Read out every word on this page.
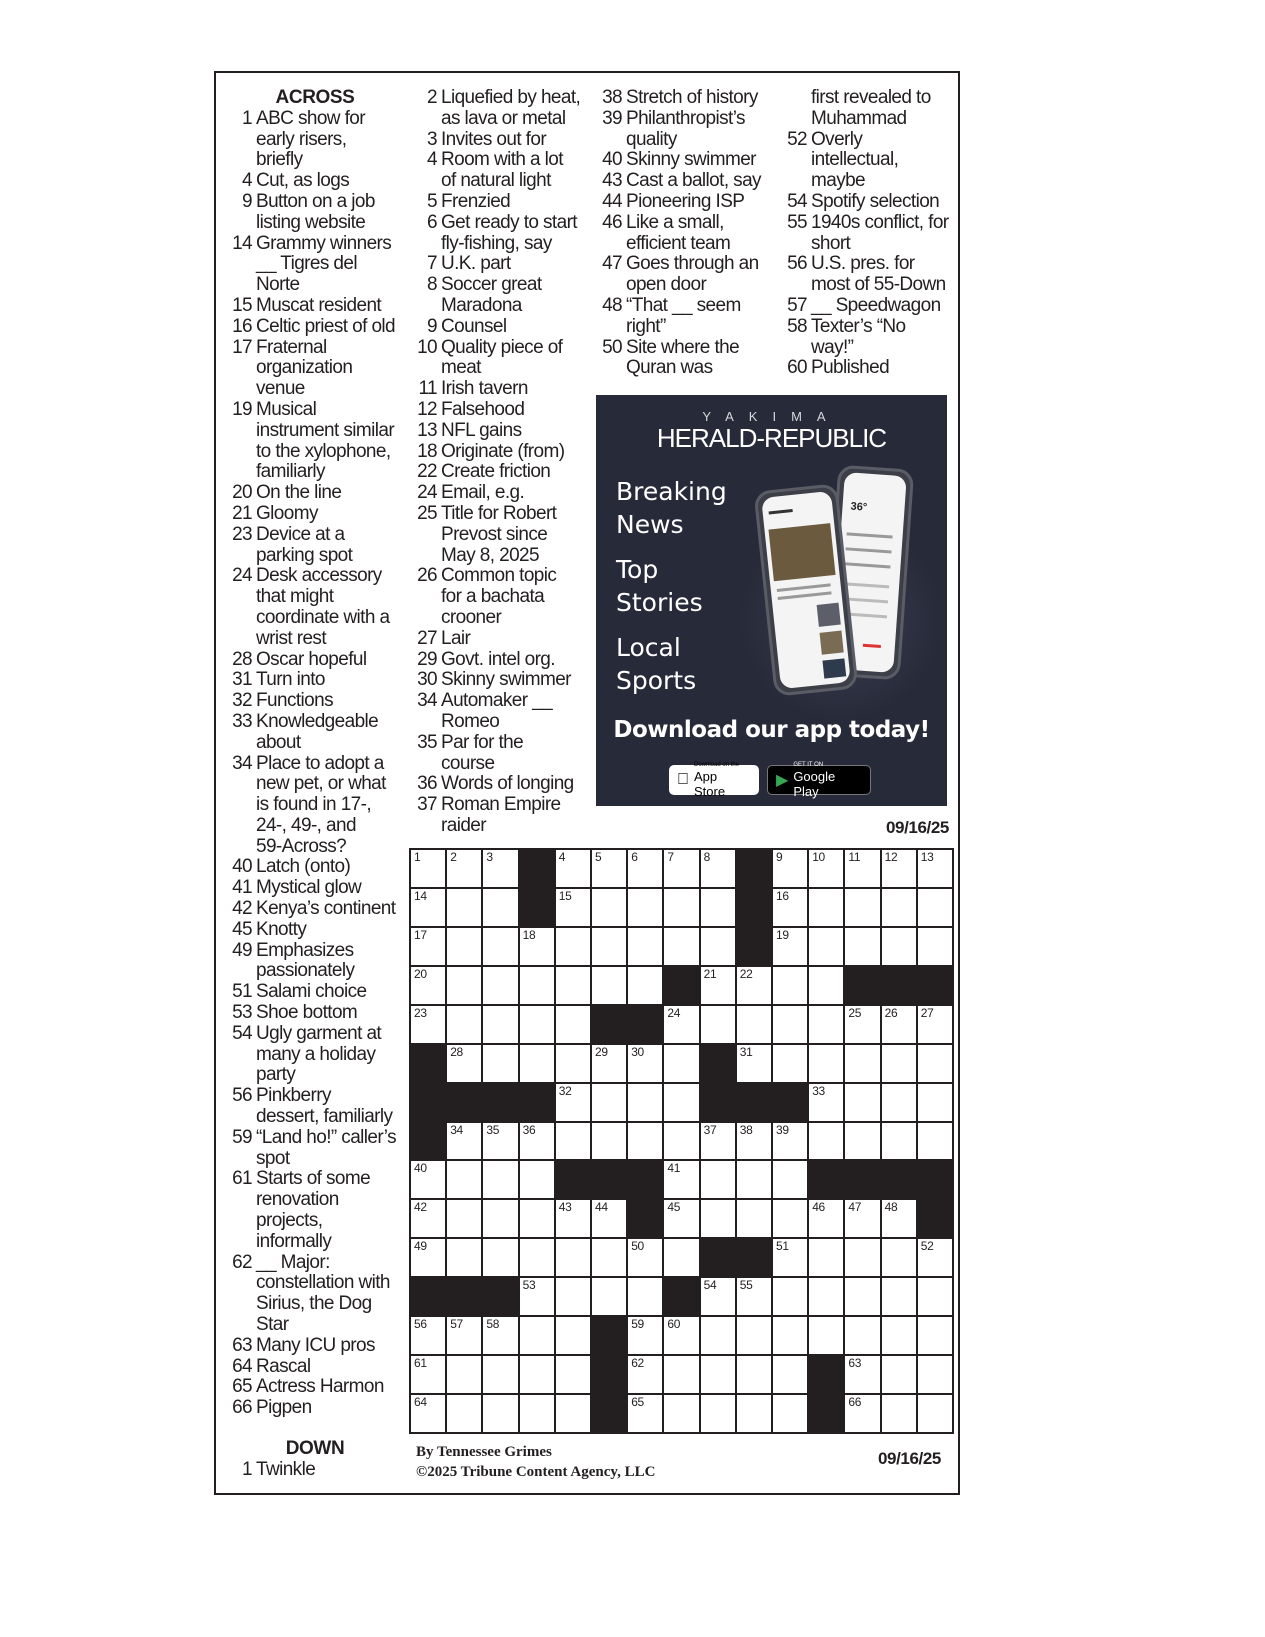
ACROSS
1 ABC show for
early risers,
briefly
4 Cut, as logs
9 Button on a job
listing website
14 Grammy winners
__ Tigres del
Norte
15 Muscat resident
16 Celtic priest of old
17 Fraternal
organization
venue
19 Musical
instrument similar
to the xylophone,
familiarly
20 On the line
21 Gloomy
23 Device at a
parking spot
24 Desk accessory
that might
coordinate with a
wrist rest
28 Oscar hopeful
31 Turn into
32 Functions
33 Knowledgeable
about
34 Place to adopt a
new pet, or what
is found in 17-,
24-, 49-, and
59-Across?
40 Latch (onto)
41 Mystical glow
42 Kenya’s continent
45 Knotty
49 Emphasizes
passionately
51 Salami choice
53 Shoe bottom
54 Ugly garment at
many a holiday
party
56 Pinkberry
dessert, familiarly
59 “Land ho!” caller’s
spot
61 Starts of some
renovation
projects,
informally
62 __ Major:
constellation with
Sirius, the Dog
Star
63 Many ICU pros
64 Rascal
65 Actress Harmon
66 Pigpen
DOWN
1 Twinkle
2 Liquefied by heat,
as lava or metal
3 Invites out for
4 Room with a lot
of natural light
5 Frenzied
6 Get ready to start
fly-fishing, say
7 U.K. part
8 Soccer great
Maradona
9 Counsel
10 Quality piece of
meat
11 Irish tavern
12 Falsehood
13 NFL gains
18 Originate (from)
22 Create friction
24 Email, e.g.
25 Title for Robert
Prevost since
May 8, 2025
26 Common topic
for a bachata
crooner
27 Lair
29 Govt. intel org.
30 Skinny swimmer
34 Automaker __
Romeo
35 Par for the
course
36 Words of longing
37 Roman Empire
raider
38 Stretch of history
39 Philanthropist’s
quality
40 Skinny swimmer
43 Cast a ballot, say
44 Pioneering ISP
46 Like a small,
efficient team
47 Goes through an
open door
48 “That __ seem
right”
50 Site where the
Quran was
first revealed to
Muhammad
52 Overly
intellectual,
maybe
54 Spotify selection
55 1940s conflict, for
short
56 U.S. pres. for
most of 55-Down
57 __ Speedwagon
58 Texter’s “No
way!”
60 Published
YAKIMA
HERALD-REPUBLIC
Breaking
News
Top
Stories
Local
Sports
36°
Download our app today!
Download on the
App Store ▶
GET IT ON
Google Play
09/16/25
1 2 3	4 5 6 7 8	9 10 11 12 13
14	15	16
17	18	19
20	21 22
23	24	25 26 27
28	29 30	31
32	33
34 35 36	37 38 39
40	41
42	43 44	45	46 47 48
49	50	51	52
53	54 55
56 57 58	59 60
61	62	63
64	65	66
By Tennessee Grimes
©2025 Tribune Content Agency, LLC
09/16/25
